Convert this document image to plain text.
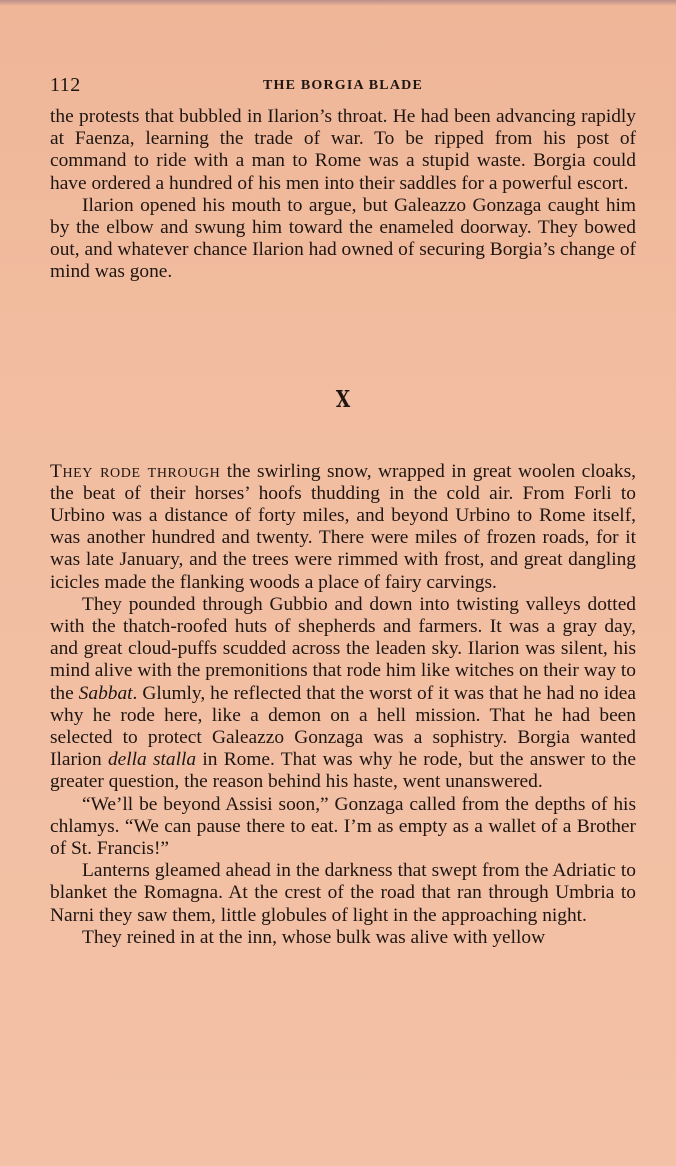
112	THE BORGIA BLADE

the protests that bubbled in Ilarion’s throat. He had been advancing rapidly at Faenza, learning the trade of war. To be ripped from his post of command to ride with a man to Rome was a stupid waste. Borgia could have ordered a hundred of his men into their saddles for a powerful escort.

Ilarion opened his mouth to argue, but Galeazzo Gonzaga caught him by the elbow and swung him toward the enameled doorway. They bowed out, and whatever chance Ilarion had owned of securing Borgia’s change of mind was gone.

X

They rode through the swirling snow, wrapped in great woolen cloaks, the beat of their horses’ hoofs thudding in the cold air. From Forli to Urbino was a distance of forty miles, and beyond Urbino to Rome itself, was another hundred and twenty. There were miles of frozen roads, for it was late January, and the trees were rimmed with frost, and great dangling icicles made the flanking woods a place of fairy carvings.

They pounded through Gubbio and down into twisting valleys dotted with the thatch-roofed huts of shepherds and farmers. It was a gray day, and great cloud-puffs scudded across the leaden sky. Ilarion was silent, his mind alive with the premonitions that rode him like witches on their way to the Sabbat. Glumly, he reflected that the worst of it was that he had no idea why he rode here, like a demon on a hell mission. That he had been selected to protect Galeazzo Gonzaga was a sophistry. Borgia wanted Ilarion della stalla in Rome. That was why he rode, but the answer to the greater question, the reason behind his haste, went unanswered.

“We’ll be beyond Assisi soon,” Gonzaga called from the depths of his chlamys. “We can pause there to eat. I’m as empty as a wallet of a Brother of St. Francis!”

Lanterns gleamed ahead in the darkness that swept from the Adriatic to blanket the Romagna. At the crest of the road that ran through Umbria to Narni they saw them, little globules of light in the approaching night.

They reined in at the inn, whose bulk was alive with yellow
